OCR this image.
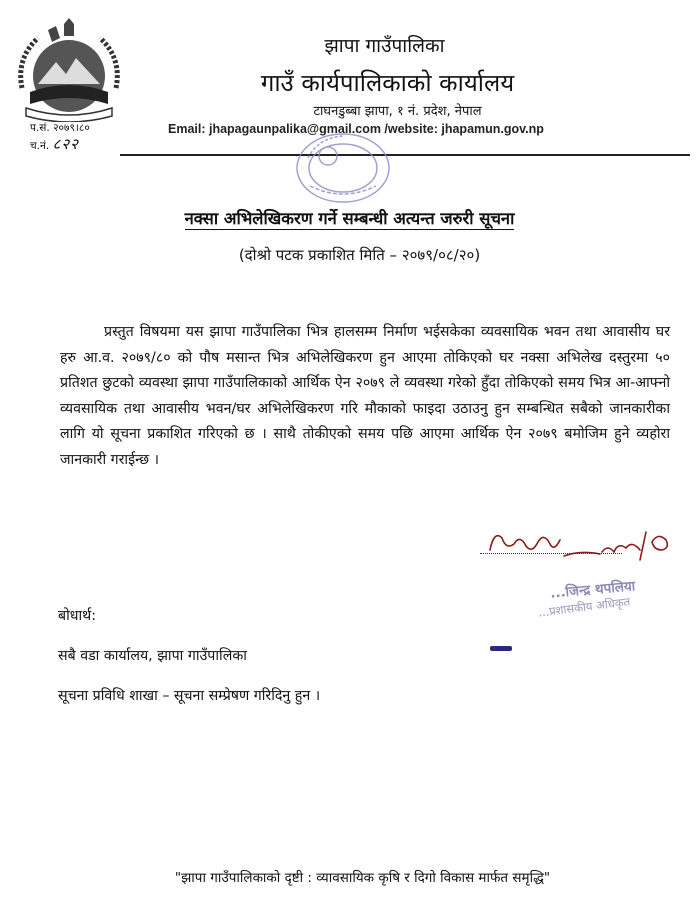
झापा गाउँपालिका
गाउँ कार्यपालिकाको कार्यालय
टाघनडुब्बा झापा, १ नं. प्रदेश, नेपाल
Email: jhapagaunpalika@gmail.com /website: jhapamun.gov.np
प.सं. २०७९।८०
च.नं. ८२२
नक्सा अभिलेखिकरण गर्ने सम्बन्धी अत्यन्त जरुरी सूचना
(दोश्रो पटक प्रकाशित मिति – २०७९/०८/२०)
प्रस्तुत विषयमा यस झापा गाउँपालिका भित्र हालसम्म निर्माण भईसकेका व्यवसायिक भवन तथा आवासीय घर हरु आ.व. २०७९/८० को पौष मसान्त भित्र अभिलेखिकरण हुन आएमा तोकिएको घर नक्सा अभिलेख दस्तुरमा ५० प्रतिशत छुटको व्यवस्था झापा गाउँपालिकाको आर्थिक ऐन २०७९ ले व्यवस्था गरेको हुँदा तोकिएको समय भित्र आ-आफ्नो व्यवसायिक तथा आवासीय भवन/घर अभिलेखिकरण गरि मौकाको फाइदा उठाउनु हुन सम्बन्धित सबैको जानकारीका लागि यो सूचना प्रकाशित गरिएको छ । साथै तोकीएको समय पछि आएमा आर्थिक ऐन २०७९ बमोजिम हुने व्यहोरा जानकारी गराईन्छ ।
...जिन्द्र थपलिया
...प्रशासकीय अधिकृत
बोधार्थ:
सबै वडा कार्यालय, झापा गाउँपालिका
सूचना प्रविधि शाखा – सूचना सम्प्रेषण गरिदिनु हुन ।
"झापा गाउँपालिकाको दृष्टी : व्यावसायिक कृषि र दिगो विकास मार्फत समृद्धि"
